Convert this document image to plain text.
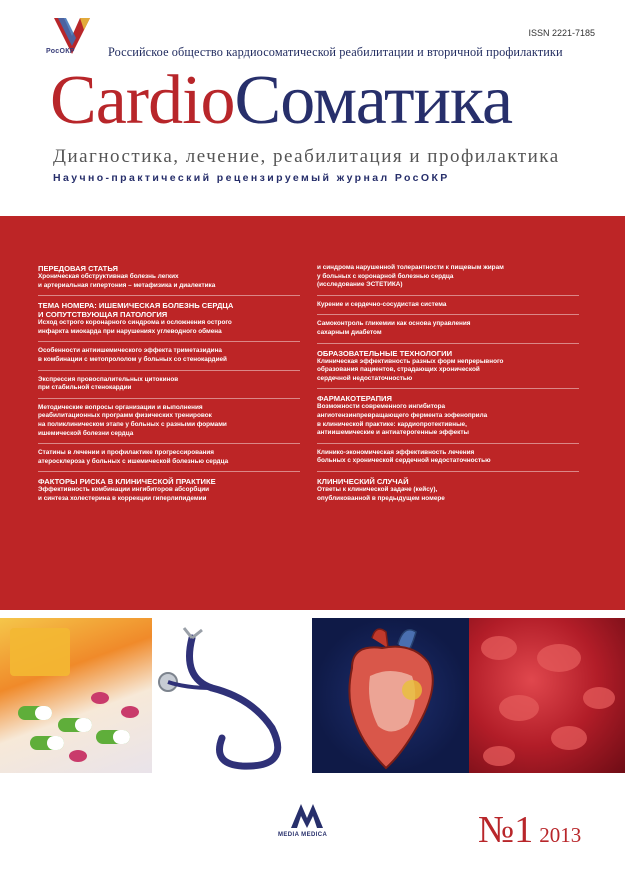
РосОКР
ISSN 2221-7185
Российское общество кардиосоматической реабилитации и вторичной профилактики
CardioСоматика
Диагностика, лечение, реабилитация и профилактика
Научно-практический рецензируемый журнал РосОКР
ПЕРЕДОВАЯ СТАТЬЯ
Хроническая обструктивная болезнь легких
и артериальная гипертония – метафизика и диалектика
ТЕМА НОМЕРА: ИШЕМИЧЕСКАЯ БОЛЕЗНЬ СЕРДЦА
И СОПУТСТВУЮЩАЯ ПАТОЛОГИЯ
Исход острого коронарного синдрома и осложнения острого
инфаркта миокарда при нарушениях углеводного обмена
Особенности антиишемического эффекта триметазидина
в комбинации с метопрололом у больных со стенокардией
Экспрессия провоспалительных цитокинов
при стабильной стенокардии
Методические вопросы организации и выполнения
реабилитационных программ физических тренировок
на поликлиническом этапе у больных с разными формами
ишемической болезни сердца
Статины в лечении и профилактике прогрессирования
атеросклероза у больных с ишемической болезнью сердца
ФАКТОРЫ РИСКА В КЛИНИЧЕСКОЙ ПРАКТИКЕ
Эффективность комбинации ингибиторов абсорбции
и синтеза холестерина в коррекции гиперлипидемии
и синдрома нарушенной толерантности к пищевым жирам
у больных с коронарной болезнью сердца
(исследование ЭСТЕТИКА)
Курение и сердечно-сосудистая система
Самоконтроль гликемии как основа управления
сахарным диабетом
ОБРАЗОВАТЕЛЬНЫЕ ТЕХНОЛОГИИ
Клиническая эффективность разных форм непрерывного
образования пациентов, страдающих хронической
сердечной недостаточностью
ФАРМАКОТЕРАПИЯ
Возможности современного ингибитора
ангиотензинпревращающего фермента зофеноприла
в клинической практике: кардиопротективные,
антиишемические и антиатерогенные эффекты
Клинико-экономическая эффективность лечения
больных с хронической сердечной недостаточностью
КЛИНИЧЕСКИЙ СЛУЧАЙ
Ответы к клинической задаче (кейсу),
опубликованной в предыдущем номере
MEDIA MEDICA	№1 2013
